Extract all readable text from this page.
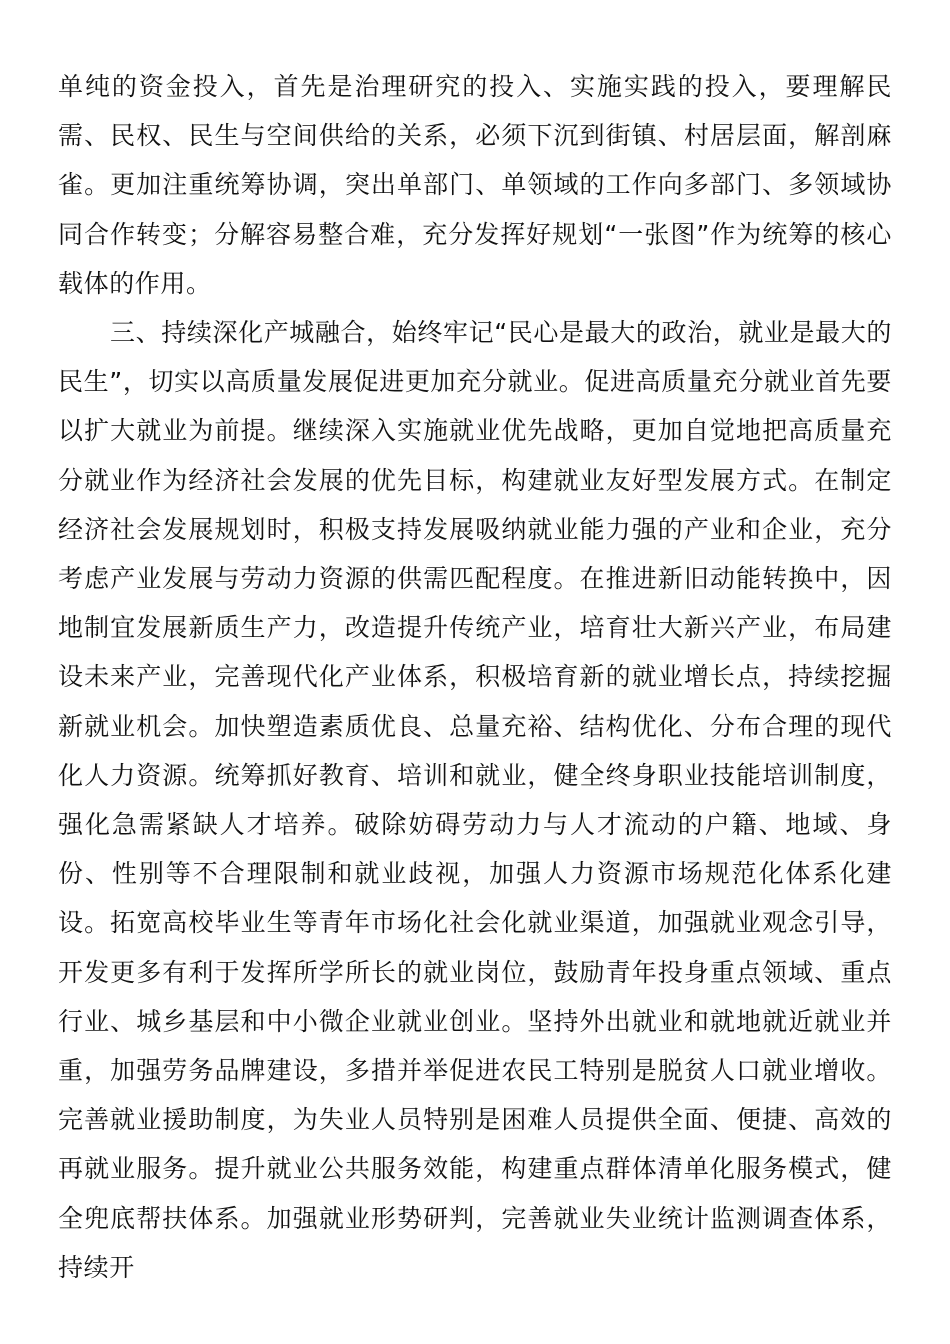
单纯的资金投入，首先是治理研究的投入、实施实践的投入，要理解民需、民权、民生与空间供给的关系，必须下沉到街镇、村居层面，解剖麻雀。更加注重统筹协调，突出单部门、单领域的工作向多部门、多领域协同合作转变；分解容易整合难，充分发挥好规划“一张图”作为统筹的核心载体的作用。

三、持续深化产城融合，始终牢记“民心是最大的政治，就业是最大的民生”，切实以高质量发展促进更加充分就业。促进高质量充分就业首先要以扩大就业为前提。继续深入实施就业优先战略，更加自觉地把高质量充分就业作为经济社会发展的优先目标，构建就业友好型发展方式。在制定经济社会发展规划时，积极支持发展吸纳就业能力强的产业和企业，充分考虑产业发展与劳动力资源的供需匹配程度。在推进新旧动能转换中，因地制宜发展新质生产力，改造提升传统产业，培育壮大新兴产业，布局建设未来产业，完善现代化产业体系，积极培育新的就业增长点，持续挖掘新就业机会。加快塑造素质优良、总量充裕、结构优化、分布合理的现代化人力资源。统筹抓好教育、培训和就业，健全终身职业技能培训制度，强化急需紧缺人才培养。破除妨碍劳动力与人才流动的户籍、地域、身份、性别等不合理限制和就业歧视，加强人力资源市场规范化体系化建设。拓宽高校毕业生等青年市场化社会化就业渠道，加强就业观念引导，开发更多有利于发挥所学所长的就业岗位，鼓励青年投身重点领域、重点行业、城乡基层和中小微企业就业创业。坚持外出就业和就地就近就业并重，加强劳务品牌建设，多措并举促进农民工特别是脱贫人口就业增收。完善就业援助制度，为失业人员特别是困难人员提供全面、便捷、高效的再就业服务。提升就业公共服务效能，构建重点群体清单化服务模式，健全兜底帮扶体系。加强就业形势研判，完善就业失业统计监测调查体系，持续开
